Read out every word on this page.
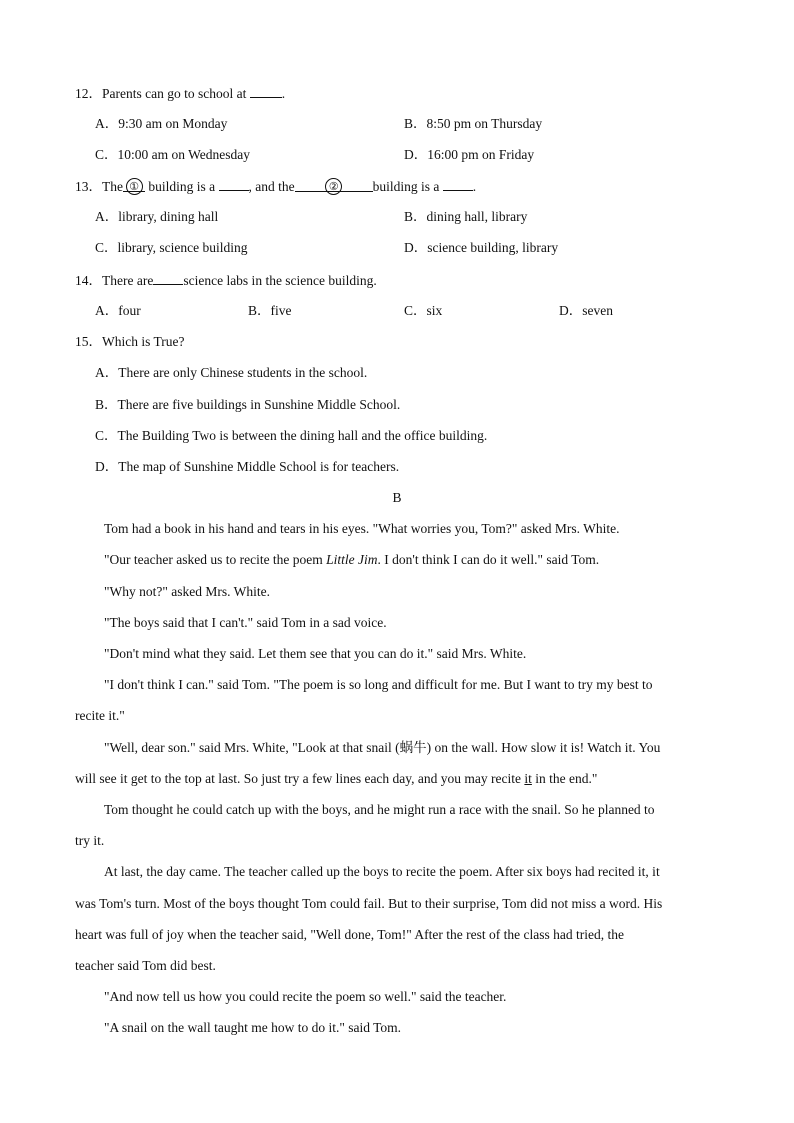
12．Parents can go to school at	.
A．9:30 am on Monday	B．8:50 pm on Thursday
C．10:00 am on Wednesday	D．16:00 pm on Friday
13．The ① building is a , and the	②	building is a .
A．library, dining hall	B．dining hall, library
C．library, science building	D．science building, library
14．There are science labs in the science building.
A．four	B．five	C．six	D．seven
15．Which is True?
A．There are only Chinese students in the school.
B．There are five buildings in Sunshine Middle School.
C．The Building Two is between the dining hall and the office building.
D．The map of Sunshine Middle School is for teachers.
B
Tom had a book in his hand and tears in his eyes. "What worries you, Tom?" asked Mrs. White.
"Our teacher asked us to recite the poem Little Jim. I don't think I can do it well." said Tom.
"Why not?" asked Mrs. White.
"The boys said that I can't." said Tom in a sad voice.
"Don't mind what they said. Let them see that you can do it." said Mrs. White.
"I don't think I can." said Tom. "The poem is so long and difficult for me. But I want to try my best to
recite it."
"Well, dear son." said Mrs. White, "Look at that snail (蜗牛) on the wall. How slow it is! Watch it. You
will see it get to the top at last. So just try a few lines each day, and you may recite it in the end."
Tom thought he could catch up with the boys, and he might run a race with the snail. So he planned to
try it.
At last, the day came. The teacher called up the boys to recite the poem. After six boys had recited it, it
was Tom's turn. Most of the boys thought Tom could fail. But to their surprise, Tom did not miss a word. His
heart was full of joy when the teacher said, "Well done, Tom!" After the rest of the class had tried, the
teacher said Tom did best.
"And now tell us how you could recite the poem so well." said the teacher.
"A snail on the wall taught me how to do it." said Tom.
